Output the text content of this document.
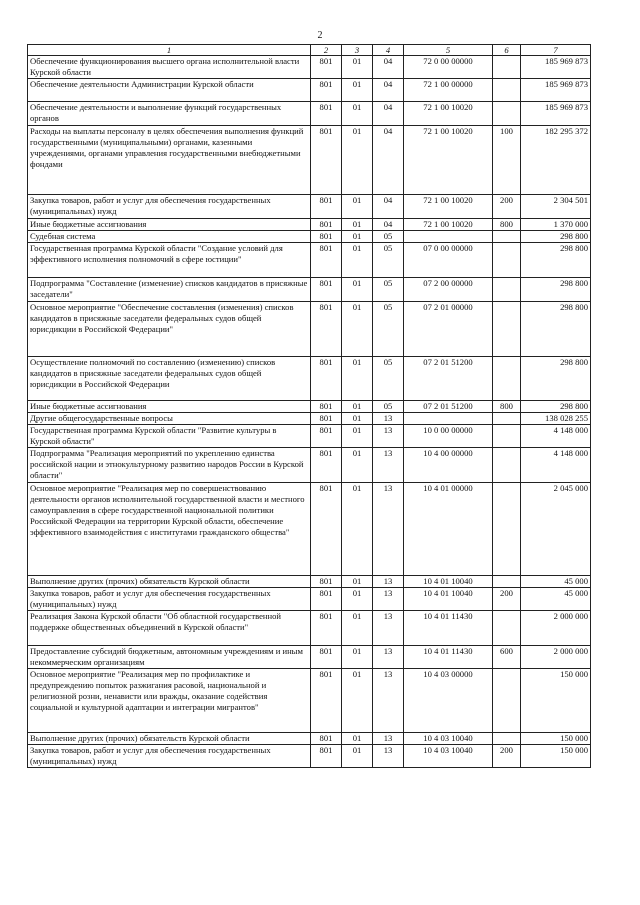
2
1	2	3	4	5	6	7
Обеспечение функционирования высшего органа исполнительной власти Курской области	801	01	04	72 0 00 00000		185 969 873
Обеспечение деятельности Администрации Курской области	801	01	04	72 1 00 00000		185 969 873
Обеспечение деятельности и выполнение функций государственных органов	801	01	04	72 1 00 10020		185 969 873
Расходы на выплаты персоналу в целях обеспечения выполнения функций государственными (муниципальными) органами, казенными учреждениями, органами управления государственными внебюджетными фондами	801	01	04	72 1 00 10020	100	182 295 372
Закупка товаров, работ и услуг для обеспечения государственных (муниципальных) нужд	801	01	04	72 1 00 10020	200	2 304 501
Иные бюджетные ассигнования	801	01	04	72 1 00 10020	800	1 370 000
Судебная система	801	01	05			298 800
Государственная программа Курской области "Создание условий для эффективного исполнения полномочий в сфере юстиции"	801	01	05	07 0 00 00000		298 800
Подпрограмма "Составление (изменение) списков кандидатов в присяжные заседатели"	801	01	05	07 2 00 00000		298 800
Основное мероприятие "Обеспечение составления (изменения) списков кандидатов в присяжные заседатели федеральных судов общей юрисдикции в Российской Федерации"	801	01	05	07 2 01 00000		298 800
Осуществление полномочий по составлению (изменению) списков кандидатов в присяжные заседатели федеральных судов общей юрисдикции в Российской Федерации	801	01	05	07 2 01 51200		298 800
Иные бюджетные ассигнования	801	01	05	07 2 01 51200	800	298 800
Другие общегосударственные вопросы	801	01	13			138 028 255
Государственная программа Курской области "Развитие культуры в Курской области"	801	01	13	10 0 00 00000		4 148 000
Подпрограмма "Реализация мероприятий по укреплению единства российской нации и этнокультурному развитию народов России в Курской области"	801	01	13	10 4 00 00000		4 148 000
Основное мероприятие "Реализация мер по совершенствованию деятельности органов исполнительной государственной власти и местного самоуправления в сфере государственной национальной политики Российской Федерации на территории Курской области, обеспечение эффективного взаимодействия с институтами гражданского общества"	801	01	13	10 4 01 00000		2 045 000
Выполнение других (прочих) обязательств Курской области	801	01	13	10 4 01 10040		45 000
Закупка товаров, работ и услуг для обеспечения государственных (муниципальных) нужд	801	01	13	10 4 01 10040	200	45 000
Реализация Закона Курской области "Об областной государственной поддержке общественных объединений в Курской области"	801	01	13	10 4 01 11430		2 000 000
Предоставление субсидий бюджетным, автономным учреждениям и иным некоммерческим организациям	801	01	13	10 4 01 11430	600	2 000 000
Основное мероприятие "Реализация мер по профилактике и предупреждению попыток разжигания расовой, национальной и религиозной розни, ненависти или вражды, оказание содействия социальной и культурной адаптации и интеграции мигрантов"	801	01	13	10 4 03 00000		150 000
Выполнение других (прочих) обязательств Курской области	801	01	13	10 4 03 10040		150 000
Закупка товаров, работ и услуг для обеспечения государственных (муниципальных) нужд	801	01	13	10 4 03 10040	200	150 000
